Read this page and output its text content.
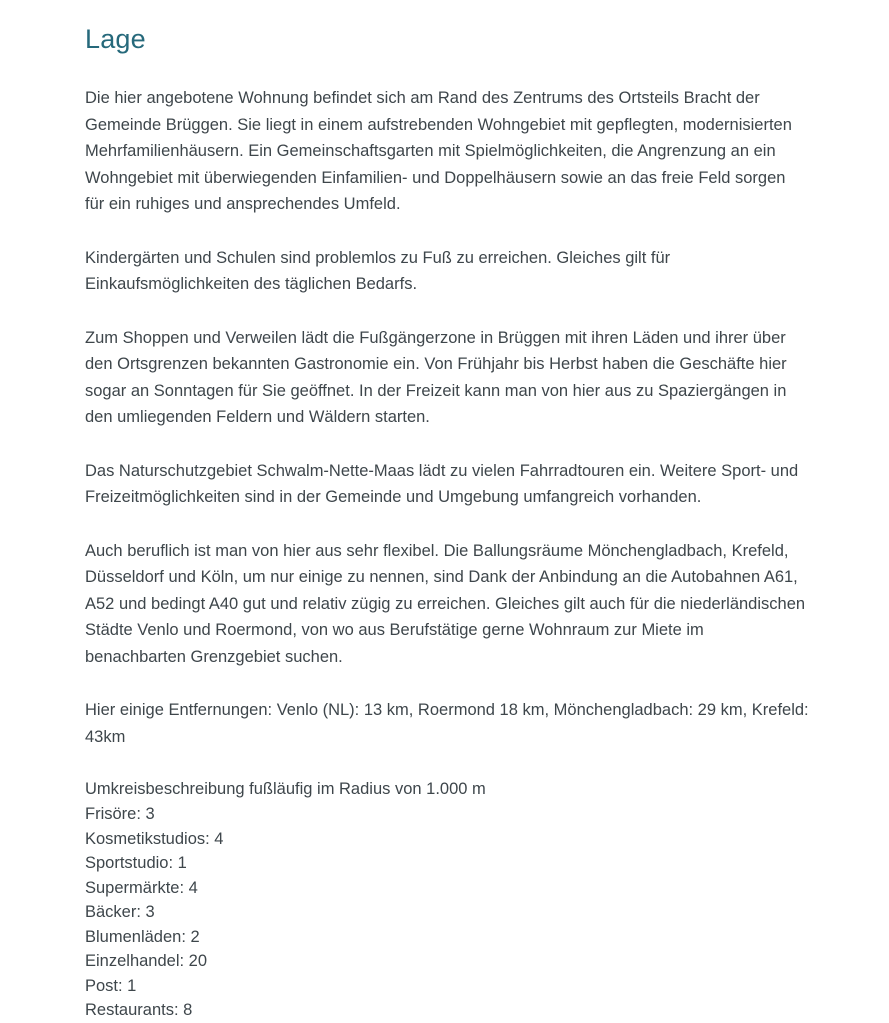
Lage

Die hier angebotene Wohnung befindet sich am Rand des Zentrums des Ortsteils Bracht der Gemeinde Brüggen. Sie liegt in einem aufstrebenden Wohngebiet mit gepflegten, modernisierten Mehrfamilienhäusern. Ein Gemeinschaftsgarten mit Spielmöglichkeiten, die Angrenzung an ein Wohngebiet mit überwiegenden Einfamilien- und Doppelhäusern sowie an das freie Feld sorgen für ein ruhiges und ansprechendes Umfeld.

Kindergärten und Schulen sind problemlos zu Fuß zu erreichen. Gleiches gilt für Einkaufsmöglichkeiten des täglichen Bedarfs.

Zum Shoppen und Verweilen lädt die Fußgängerzone in Brüggen mit ihren Läden und ihrer über den Ortsgrenzen bekannten Gastronomie ein. Von Frühjahr bis Herbst haben die Geschäfte hier sogar an Sonntagen für Sie geöffnet. In der Freizeit kann man von hier aus zu Spaziergängen in den umliegenden Feldern und Wäldern starten.

Das Naturschutzgebiet Schwalm-Nette-Maas lädt zu vielen Fahrradtouren ein. Weitere Sport- und Freizeitmöglichkeiten sind in der Gemeinde und Umgebung umfangreich vorhanden.

Auch beruflich ist man von hier aus sehr flexibel. Die Ballungsräume Mönchengladbach, Krefeld, Düsseldorf und Köln, um nur einige zu nennen, sind Dank der Anbindung an die Autobahnen A61, A52 und bedingt A40 gut und relativ zügig zu erreichen. Gleiches gilt auch für die niederländischen Städte Venlo und Roermond, von wo aus Berufstätige gerne Wohnraum zur Miete im benachbarten Grenzgebiet suchen.

Hier einige Entfernungen: Venlo (NL): 13 km, Roermond 18 km, Mönchengladbach: 29 km, Krefeld: 43km

Umkreisbeschreibung fußläufig im Radius von 1.000 m

Frisöre: 3
Kosmetikstudios: 4
Sportstudio: 1
Supermärkte: 4
Bäcker: 3
Blumenläden: 2
Einzelhandel: 20
Post: 1
Restaurants: 8
